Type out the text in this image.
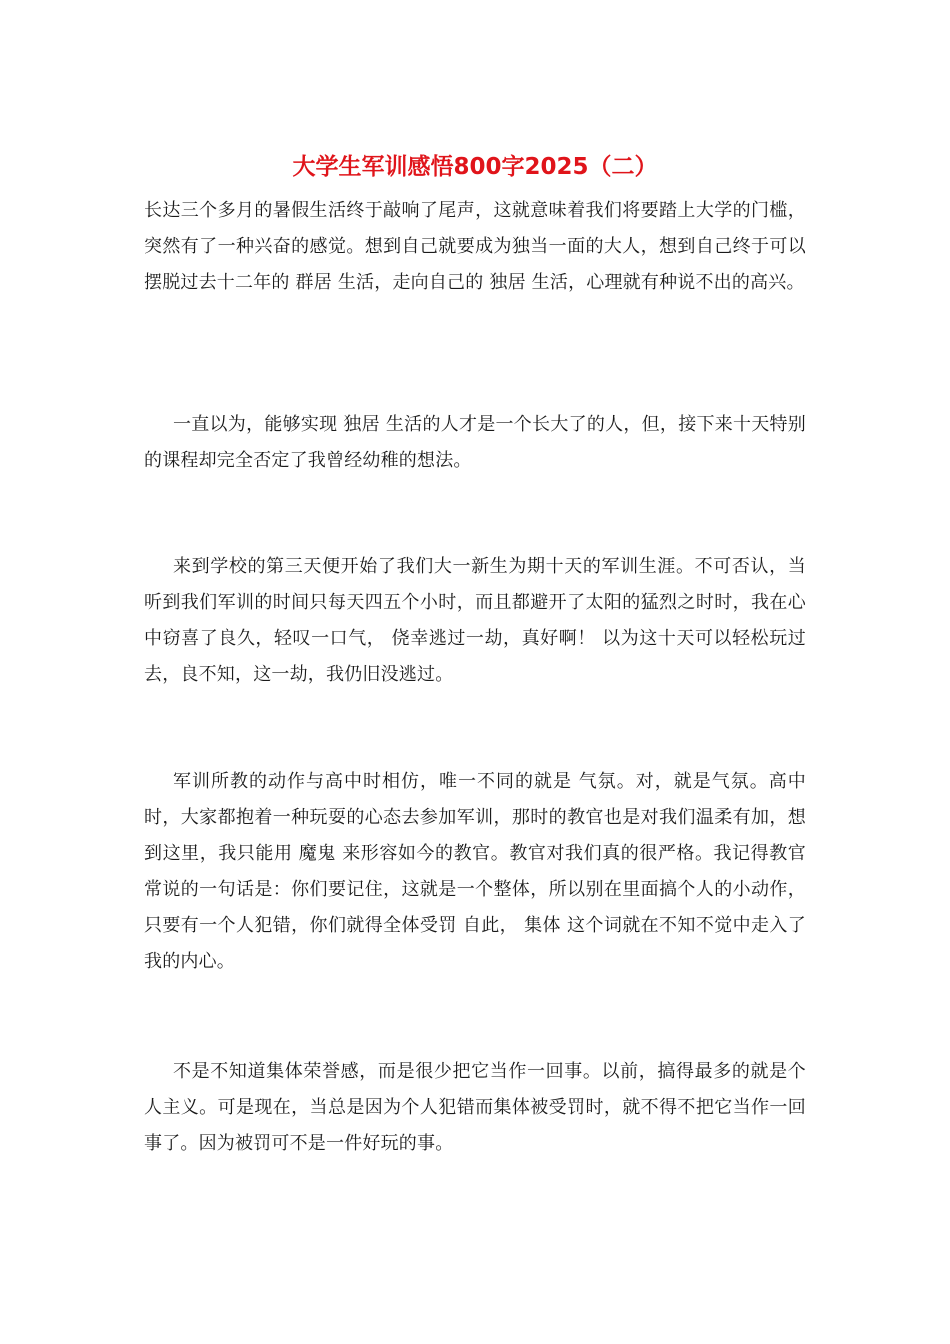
大学生军训感悟800字2025（二）

长达三个多月的暑假生活终于敲响了尾声，这就意味着我们将要踏上大学的门槛，突然有了一种兴奋的感觉。想到自己就要成为独当一面的大人，想到自己终于可以摆脱过去十二年的 群居 生活，走向自己的 独居 生活，心理就有种说不出的高兴。

一直以为，能够实现 独居 生活的人才是一个长大了的人，但，接下来十天特别的课程却完全否定了我曾经幼稚的想法。

来到学校的第三天便开始了我们大一新生为期十天的军训生涯。不可否认，当听到我们军训的时间只每天四五个小时，而且都避开了太阳的猛烈之时时，我在心中窃喜了良久，轻叹一口气， 侥幸逃过一劫，真好啊！ 以为这十天可以轻松玩过去，良不知，这一劫，我仍旧没逃过。

军训所教的动作与高中时相仿，唯一不同的就是 气氛。对，就是气氛。高中时，大家都抱着一种玩耍的心态去参加军训，那时的教官也是对我们温柔有加，想到这里，我只能用 魔鬼 来形容如今的教官。教官对我们真的很严格。我记得教官常说的一句话是：你们要记住，这就是一个整体，所以别在里面搞个人的小动作，只要有一个人犯错，你们就得全体受罚 自此， 集体 这个词就在不知不觉中走入了我的内心。

不是不知道集体荣誉感，而是很少把它当作一回事。以前，搞得最多的就是个人主义。可是现在，当总是因为个人犯错而集体被受罚时，就不得不把它当作一回事了。因为被罚可不是一件好玩的事。
